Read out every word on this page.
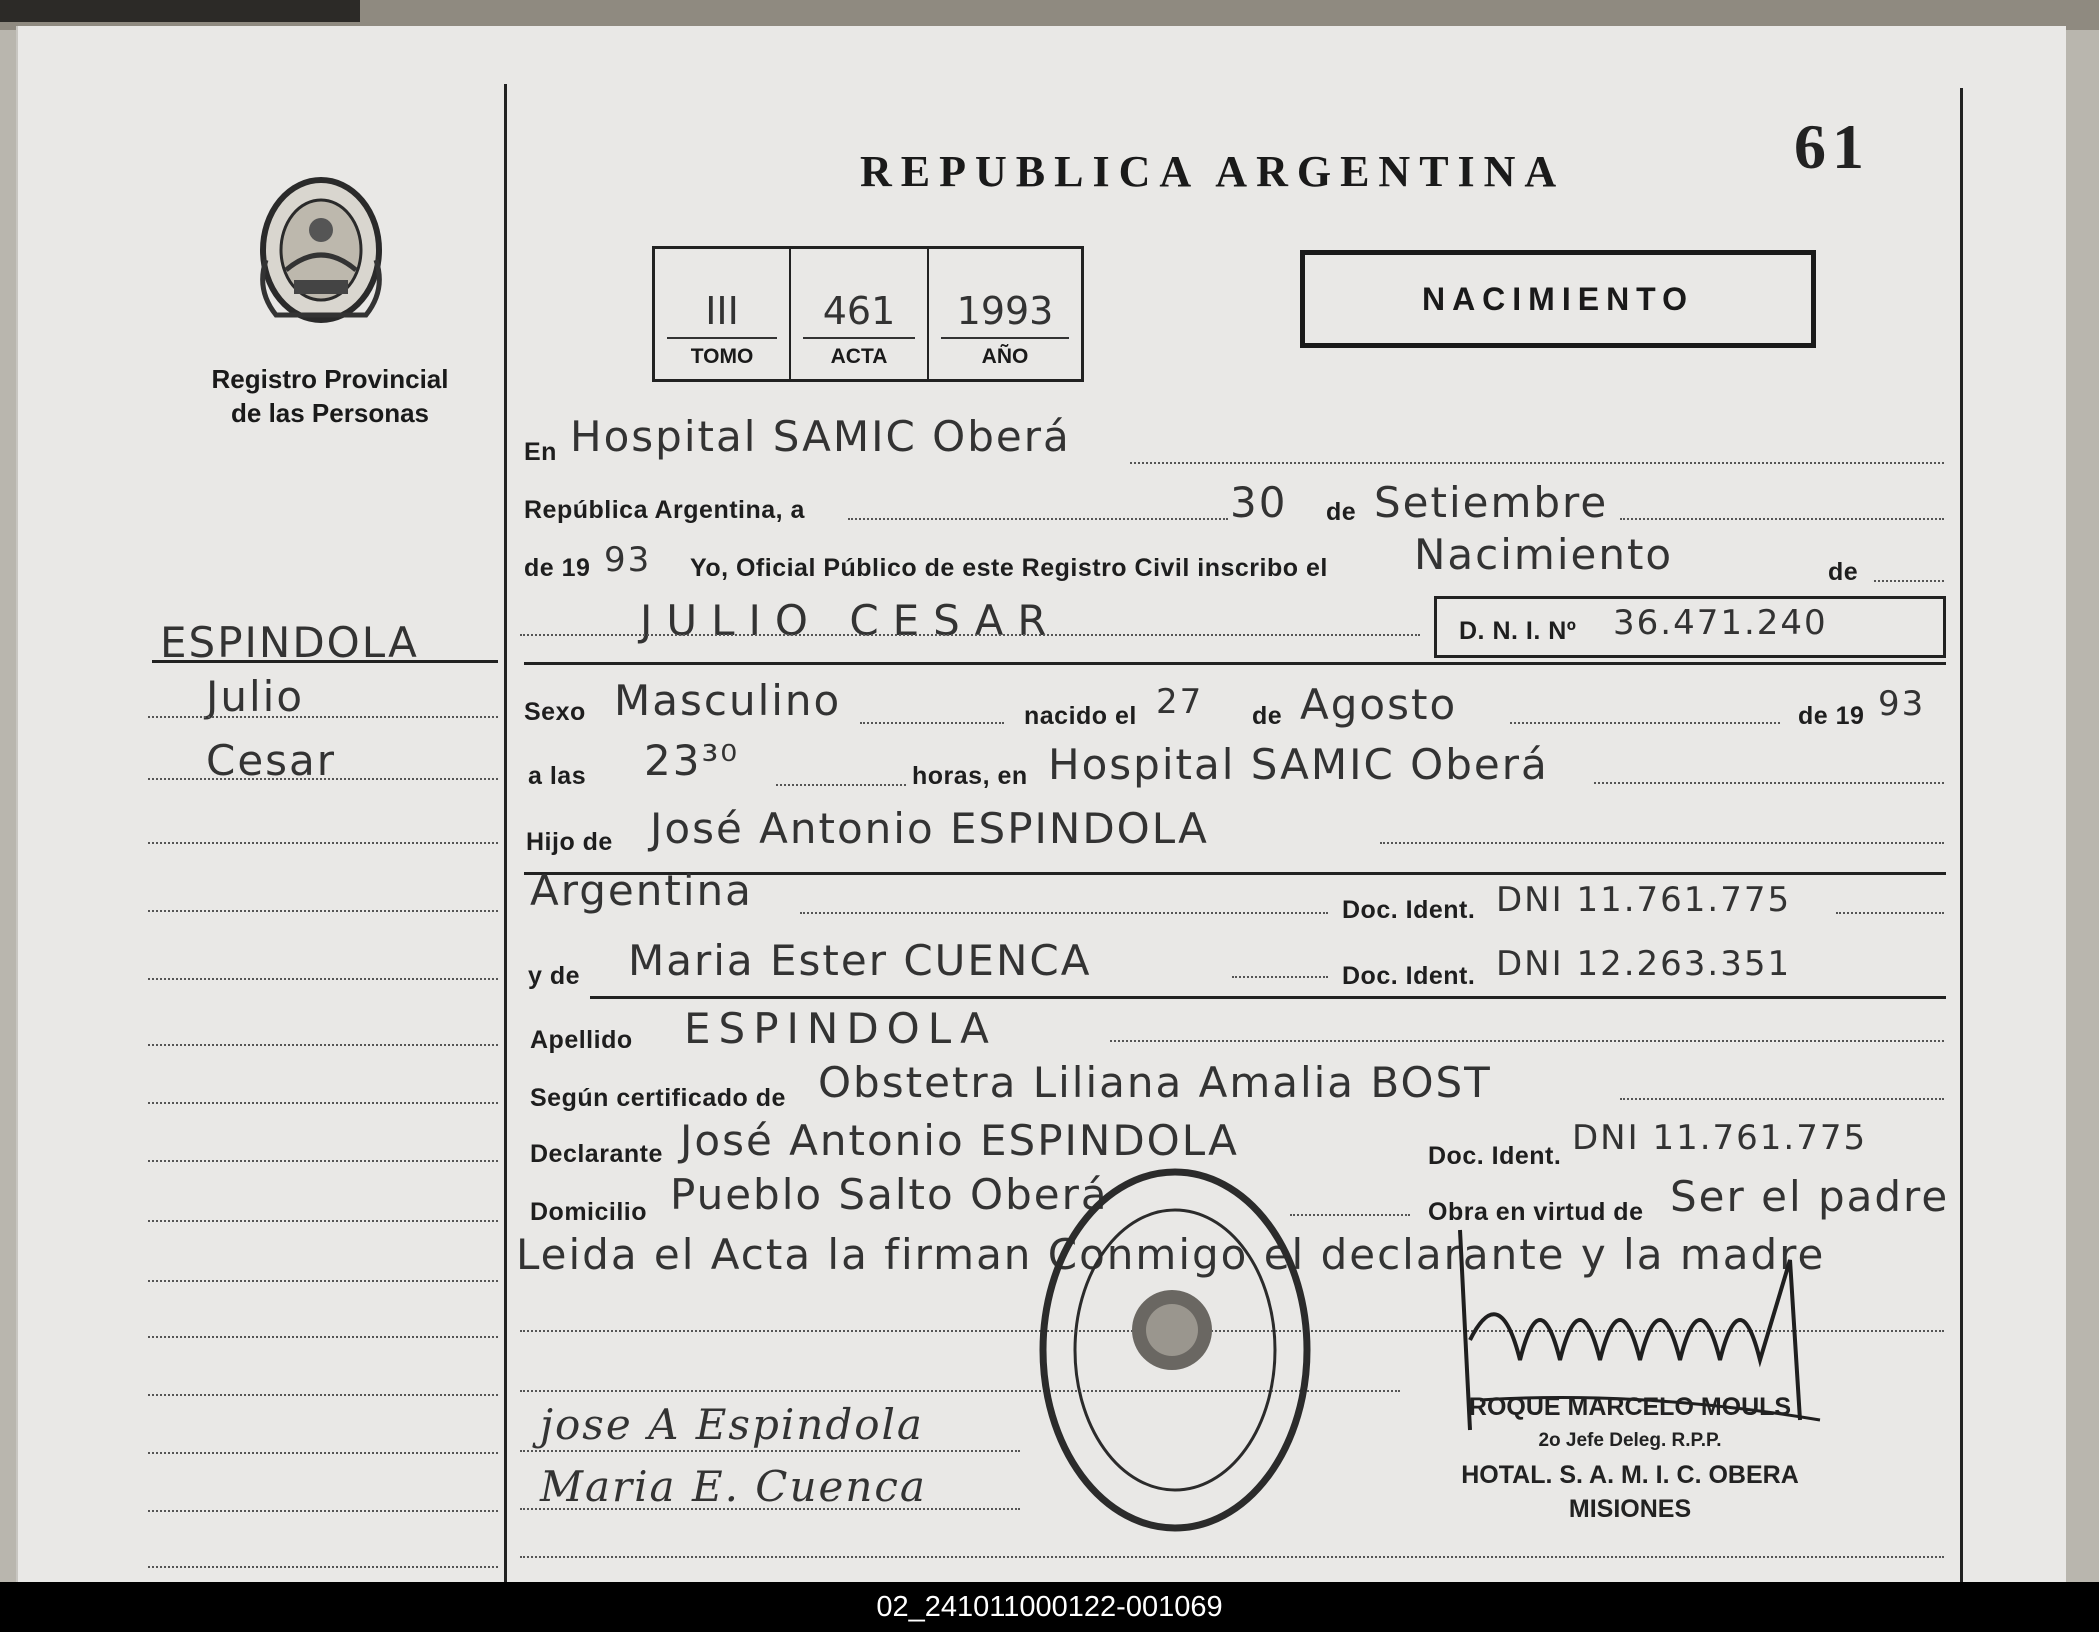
61
REPUBLICA ARGENTINA
Registro Provincial
de las Personas
III
TOMO
461
ACTA
1993
AÑO
NACIMIENTO
ESPINDOLA
Julio
Cesar
En Hospital SAMIC Oberá
República Argentina, a	30 de Setiembre
de 19 93 Yo, Oficial Público de este Registro Civil inscribo el Nacimiento	de
JULIO CESAR	D. N. I. Nº 36.471.240
Sexo Masculino	nacido el 27 de Agosto	de 19 93
a las 23³⁰	horas, en Hospital SAMIC Oberá
Hijo de José Antonio ESPINDOLA
Argentina	Doc. Ident. DNI 11.761.775
y de Maria Ester CUENCA	Doc. Ident. DNI 12.263.351
Apellido ESPINDOLA
Según certificado de Obstetra Liliana Amalia BOST
Declarante José Antonio ESPINDOLA	Doc. Ident. DNI 11.761.775
Domicilio Pueblo Salto Oberá	Obra en virtud de Ser el padre
Leida el Acta la firman Conmigo el declarante y la madre
jose A Espindola
Maria E. Cuenca
ROQUE MARCELO MOULS
2o Jefe Deleg. R.P.P.
HOTAL. S. A. M. I. C. OBERA
MISIONES
02_241011000122-001069
